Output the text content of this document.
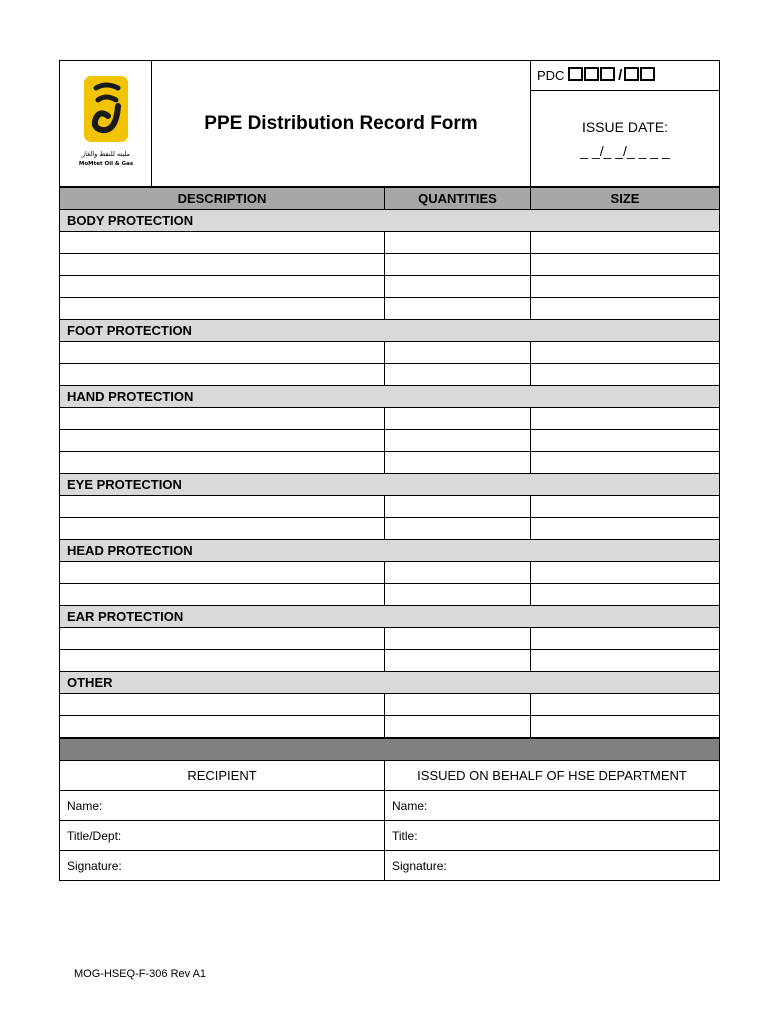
مليته للنفط والغاز
MoMtet Oil & Gas
	PPE Distribution Record Form	PDC	/

ISSUE DATE:
_ _/_ _/_ _ _ _
DESCRIPTION	QUANTITIES	SIZE
BODY PROTECTION		

FOOT PROTECTION		

HAND PROTECTION		

EYE PROTECTION		

HEAD PROTECTION		

EAR PROTECTION		

OTHER		

RECIPIENT	ISSUED ON BEHALF OF HSE DEPARTMENT
Name:	Name:
Title/Dept:	Title:
Signature:	Signature:
MOG-HSEQ-F-306 Rev A1
